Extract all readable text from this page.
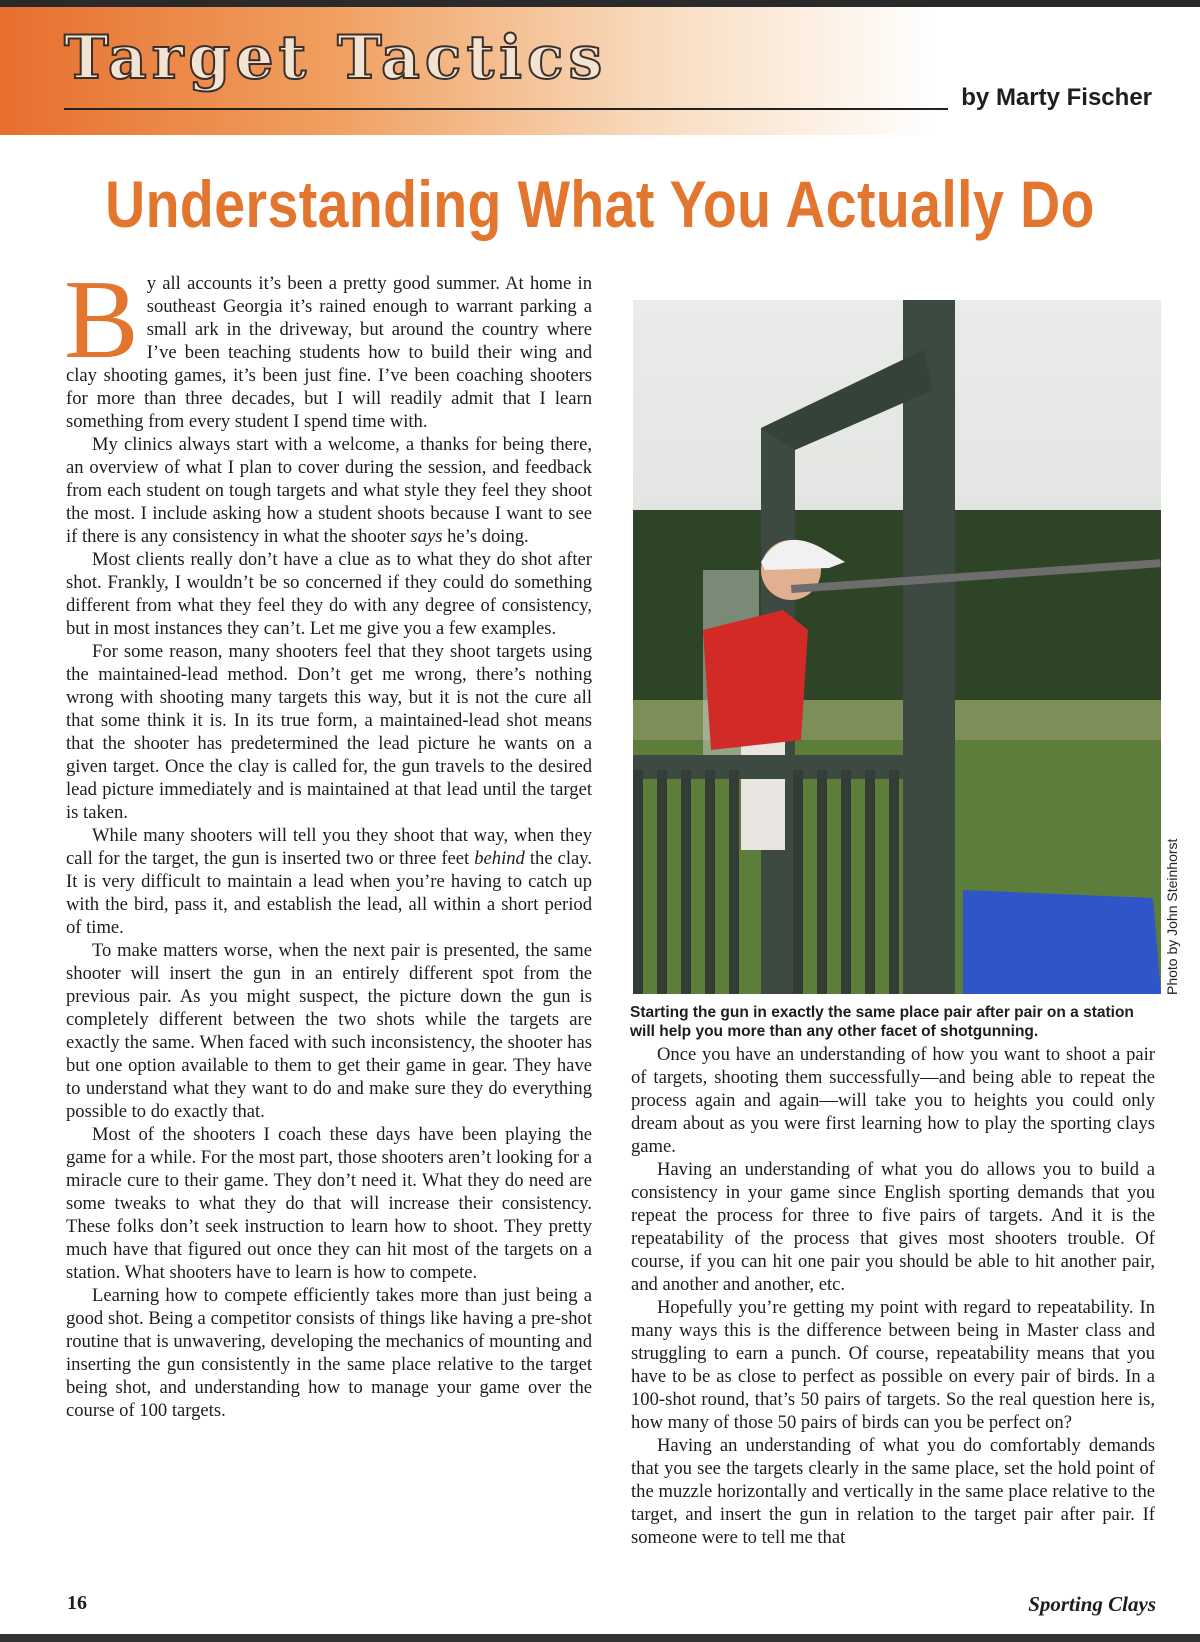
Target Tactics
by Marty Fischer
Understanding What You Actually Do
B y all accounts it’s been a pretty good summer. At home in southeast Georgia it’s rained enough to warrant parking a small ark in the driveway, but around the country where I’ve been teaching students how to build their wing and clay shooting games, it’s been just fine. I’ve been coaching shooters for more than three decades, but I will readily admit that I learn something from every student I spend time with.

My clinics always start with a welcome, a thanks for being there, an overview of what I plan to cover during the session, and feedback from each student on tough targets and what style they feel they shoot the most. I include asking how a student shoots because I want to see if there is any consistency in what the shooter says he’s doing.

Most clients really don’t have a clue as to what they do shot after shot. Frankly, I wouldn’t be so concerned if they could do something different from what they feel they do with any degree of consistency, but in most instances they can’t. Let me give you a few examples.

For some reason, many shooters feel that they shoot targets using the maintained-lead method. Don’t get me wrong, there’s nothing wrong with shooting many targets this way, but it is not the cure all that some think it is. In its true form, a maintained-lead shot means that the shooter has predetermined the lead picture he wants on a given target. Once the clay is called for, the gun travels to the desired lead picture immediately and is maintained at that lead until the target is taken.

While many shooters will tell you they shoot that way, when they call for the target, the gun is inserted two or three feet behind the clay. It is very difficult to maintain a lead when you’re having to catch up with the bird, pass it, and establish the lead, all within a short period of time.

To make matters worse, when the next pair is presented, the same shooter will insert the gun in an entirely different spot from the previous pair. As you might suspect, the picture down the gun is completely different between the two shots while the targets are exactly the same. When faced with such inconsistency, the shooter has but one option available to them to get their game in gear. They have to understand what they want to do and make sure they do everything possible to do exactly that.

Most of the shooters I coach these days have been playing the game for a while. For the most part, those shooters aren’t looking for a miracle cure to their game. They don’t need it. What they do need are some tweaks to what they do that will increase their consistency. These folks don’t seek instruction to learn how to shoot. They pretty much have that figured out once they can hit most of the targets on a station. What shooters have to learn is how to compete.

Learning how to compete efficiently takes more than just being a good shot. Being a competitor consists of things like having a pre-shot routine that is unwavering, developing the mechanics of mounting and inserting the gun consistently in the same place relative to the target being shot, and understanding how to manage your game over the course of 100 targets.

Photo by John Steinhorst

Starting the gun in exactly the same place pair after pair on a station will help you more than any other facet of shotgunning.

Once you have an understanding of how you want to shoot a pair of targets, shooting them successfully—and being able to repeat the process again and again—will take you to heights you could only dream about as you were first learning how to play the sporting clays game.

Having an understanding of what you do allows you to build a consistency in your game since English sporting demands that you repeat the process for three to five pairs of targets. And it is the repeatability of the process that gives most shooters trouble. Of course, if you can hit one pair you should be able to hit another pair, and another and another, etc.

Hopefully you’re getting my point with regard to repeatability. In many ways this is the difference between being in Master class and struggling to earn a punch. Of course, repeatability means that you have to be as close to perfect as possible on every pair of birds. In a 100-shot round, that’s 50 pairs of targets. So the real question here is, how many of those 50 pairs of birds can you be perfect on?

Having an understanding of what you do comfortably demands that you see the targets clearly in the same place, set the hold point of the muzzle horizontally and vertically in the same place relative to the target, and insert the gun in relation to the target pair after pair. If someone were to tell me that

16	Sporting Clays
